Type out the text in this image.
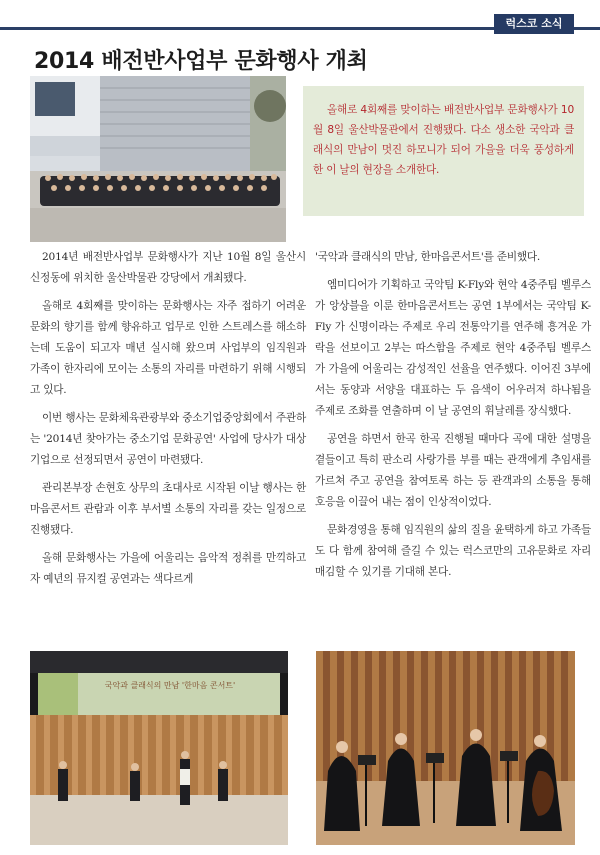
럭스코 소식
2014 배전반사업부 문화행사 개최

올해로 4회째를 맞이하는 배전반사업부 문화행사가 10월 8일 울산박물관에서 진행됐다. 다소 생소한 국악과 클래식의 만남이 멋진 하모니가 되어 가을을 더욱 풍성하게 한 이 날의 현장을 소개한다.

2014년 배전반사업부 문화행사가 지난 10월 8일 울산시 신정동에 위치한 울산박물관 강당에서 개최됐다.

올해로 4회째를 맞이하는 문화행사는 자주 접하기 어려운 문화의 향기를 함께 향유하고 업무로 인한 스트레스를 해소하는데 도움이 되고자 매년 실시해 왔으며 사업부의 임직원과 가족이 한자리에 모이는 소통의 자리를 마련하기 위해 시행되고 있다.

이번 행사는 문화체육관광부와 중소기업중앙회에서 주관하는 '2014년 찾아가는 중소기업 문화공연' 사업에 당사가 대상기업으로 선정되면서 공연이 마련됐다.

관리본부장 손현호 상무의 초대사로 시작된 이날 행사는 한마음콘서트 관람과 이후 부서별 소통의 자리를 갖는 일정으로 진행됐다.

올해 문화행사는 가을에 어울리는 음악적 정취를 만끽하고자 예년의 뮤지컬 공연과는 색다르게

'국악과 클래식의 만남, 한마음콘서트'를 준비했다.

엠미디어가 기획하고 국악팀 K-Fly와 현악 4중주팀 벨루스가 앙상블을 이룬 한마음콘서트는 공연 1부에서는 국악팀 K-Fly 가 신명이라는 주제로 우리 전통악기를 연주해 흥겨운 가락을 선보이고 2부는 따스함을 주제로 현악 4중주팀 벨루스가 가을에 어울리는 감성적인 선율을 연주했다. 이어진 3부에서는 동양과 서양을 대표하는 두 음색이 어우러져 하나됨을 주제로 조화를 연출하며 이 날 공연의 휘날레를 장식했다.

공연을 하면서 한곡 한곡 진행될 때마다 곡에 대한 설명을 곁들이고 특히 판소리 사랑가를 부를 때는 관객에게 추임새를 가르쳐 주고 공연을 참여토록 하는 등 관객과의 소통을 통해 호응을 이끌어 내는 점이 인상적이었다.

문화경영을 통해 임직원의 삶의 질을 윤택하게 하고 가족들도 다 함께 참여해 즐길 수 있는 럭스코만의 고유문화로 자리매김할 수 있기를 기대해 본다.

국악과 클래식의 만남 '한마음 콘서트'
